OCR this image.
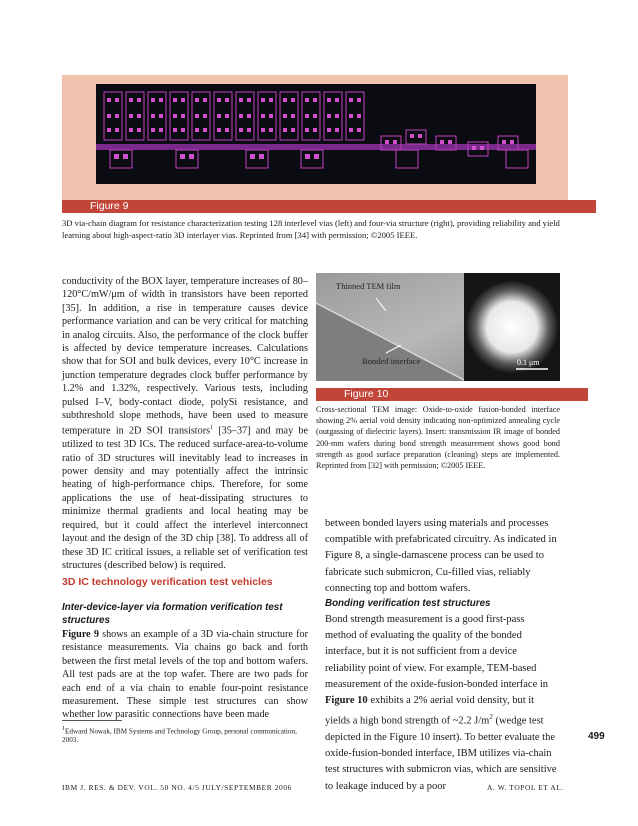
Figure 9
3D via-chain diagram for resistance characterization testing 128 interlevel vias (left) and four-via structure (right), providing reliability and yield learning about high-aspect-ratio 3D interlayer vias. Reprinted from [34] with permission; ©2005 IEEE.

conductivity of the BOX layer, temperature increases of 80–120°C/mW/μm of width in transistors have been reported [35]. In addition, a rise in temperature causes device performance variation and can be very critical for matching in analog circuits. Also, the performance of the clock buffer is affected by device temperature increases. Calculations show that for SOI and bulk devices, every 10°C increase in junction temperature degrades clock buffer performance by 1.2% and 1.32%, respectively. Various tests, including pulsed I–V, body-contact diode, polySi resistance, and subthreshold slope methods, have been used to measure temperature in 2D SOI transistors$^1$ [35–37] and may be utilized to test 3D ICs. The reduced surface-area-to-volume ratio of 3D structures will inevitably lead to increases in power density and may potentially affect the intrinsic heating of high-performance chips. Therefore, for some applications the use of heat-dissipating structures to minimize thermal gradients and local heating may be required, but it could affect the interlevel interconnect layout and the design of the 3D chip [38]. To address all of these 3D IC critical issues, a reliable set of verification test structures (described below) is required.

3D IC technology verification test vehicles
Inter-device-layer via formation verification test structures

Figure 9 shows an example of a 3D via-chain structure for resistance measurements. Via chains go back and forth between the first metal levels of the top and bottom wafers. All test pads are at the top wafer. There are two pads for each end of a via chain to enable four-point resistance measurement. These simple test structures can show whether low parasitic connections have been made

$^1$Edward Nowak, IBM Systems and Technology Group, personal communication, 2003.
Thinned TEM film
Bonded interface	0.1 μm
Figure 10
Cross-sectional TEM image: Oxide-to-oxide fusion-bonded interface showing 2% aerial void density indicating non-optimized annealing cycle (outgassing of dielectric layers). Insert: transmission IR image of bonded 200-mm wafers during bond strength measurement shows good bond strength as good surface preparation (cleaning) steps are implemented. Reprinted from [32] with permission; ©2005 IEEE.

between bonded layers using materials and processes compatible with prefabricated circuitry. As indicated in Figure 8, a single-damascene process can be used to fabricate such submicron, Cu-filled vias, reliably connecting top and bottom wafers.

Bonding verification test structures

Bond strength measurement is a good first-pass method of evaluating the quality of the bonded interface, but it is not sufficient from a device reliability point of view. For example, TEM-based measurement of the oxide-fusion-bonded interface in Figure 10 exhibits a 2% aerial void density, but it yields a high bond strength of ~2.2 $J/m^2$ (wedge test depicted in the Figure 10 insert). To better evaluate the oxide-fusion-bonded interface, IBM utilizes via-chain test structures with submicron vias, which are sensitive to leakage induced by a poor

499
IBM J. RES. & DEV. VOL. 50 NO. 4/5 JULY/SEPTEMBER 2006	A. W. TOPOL ET AL.
